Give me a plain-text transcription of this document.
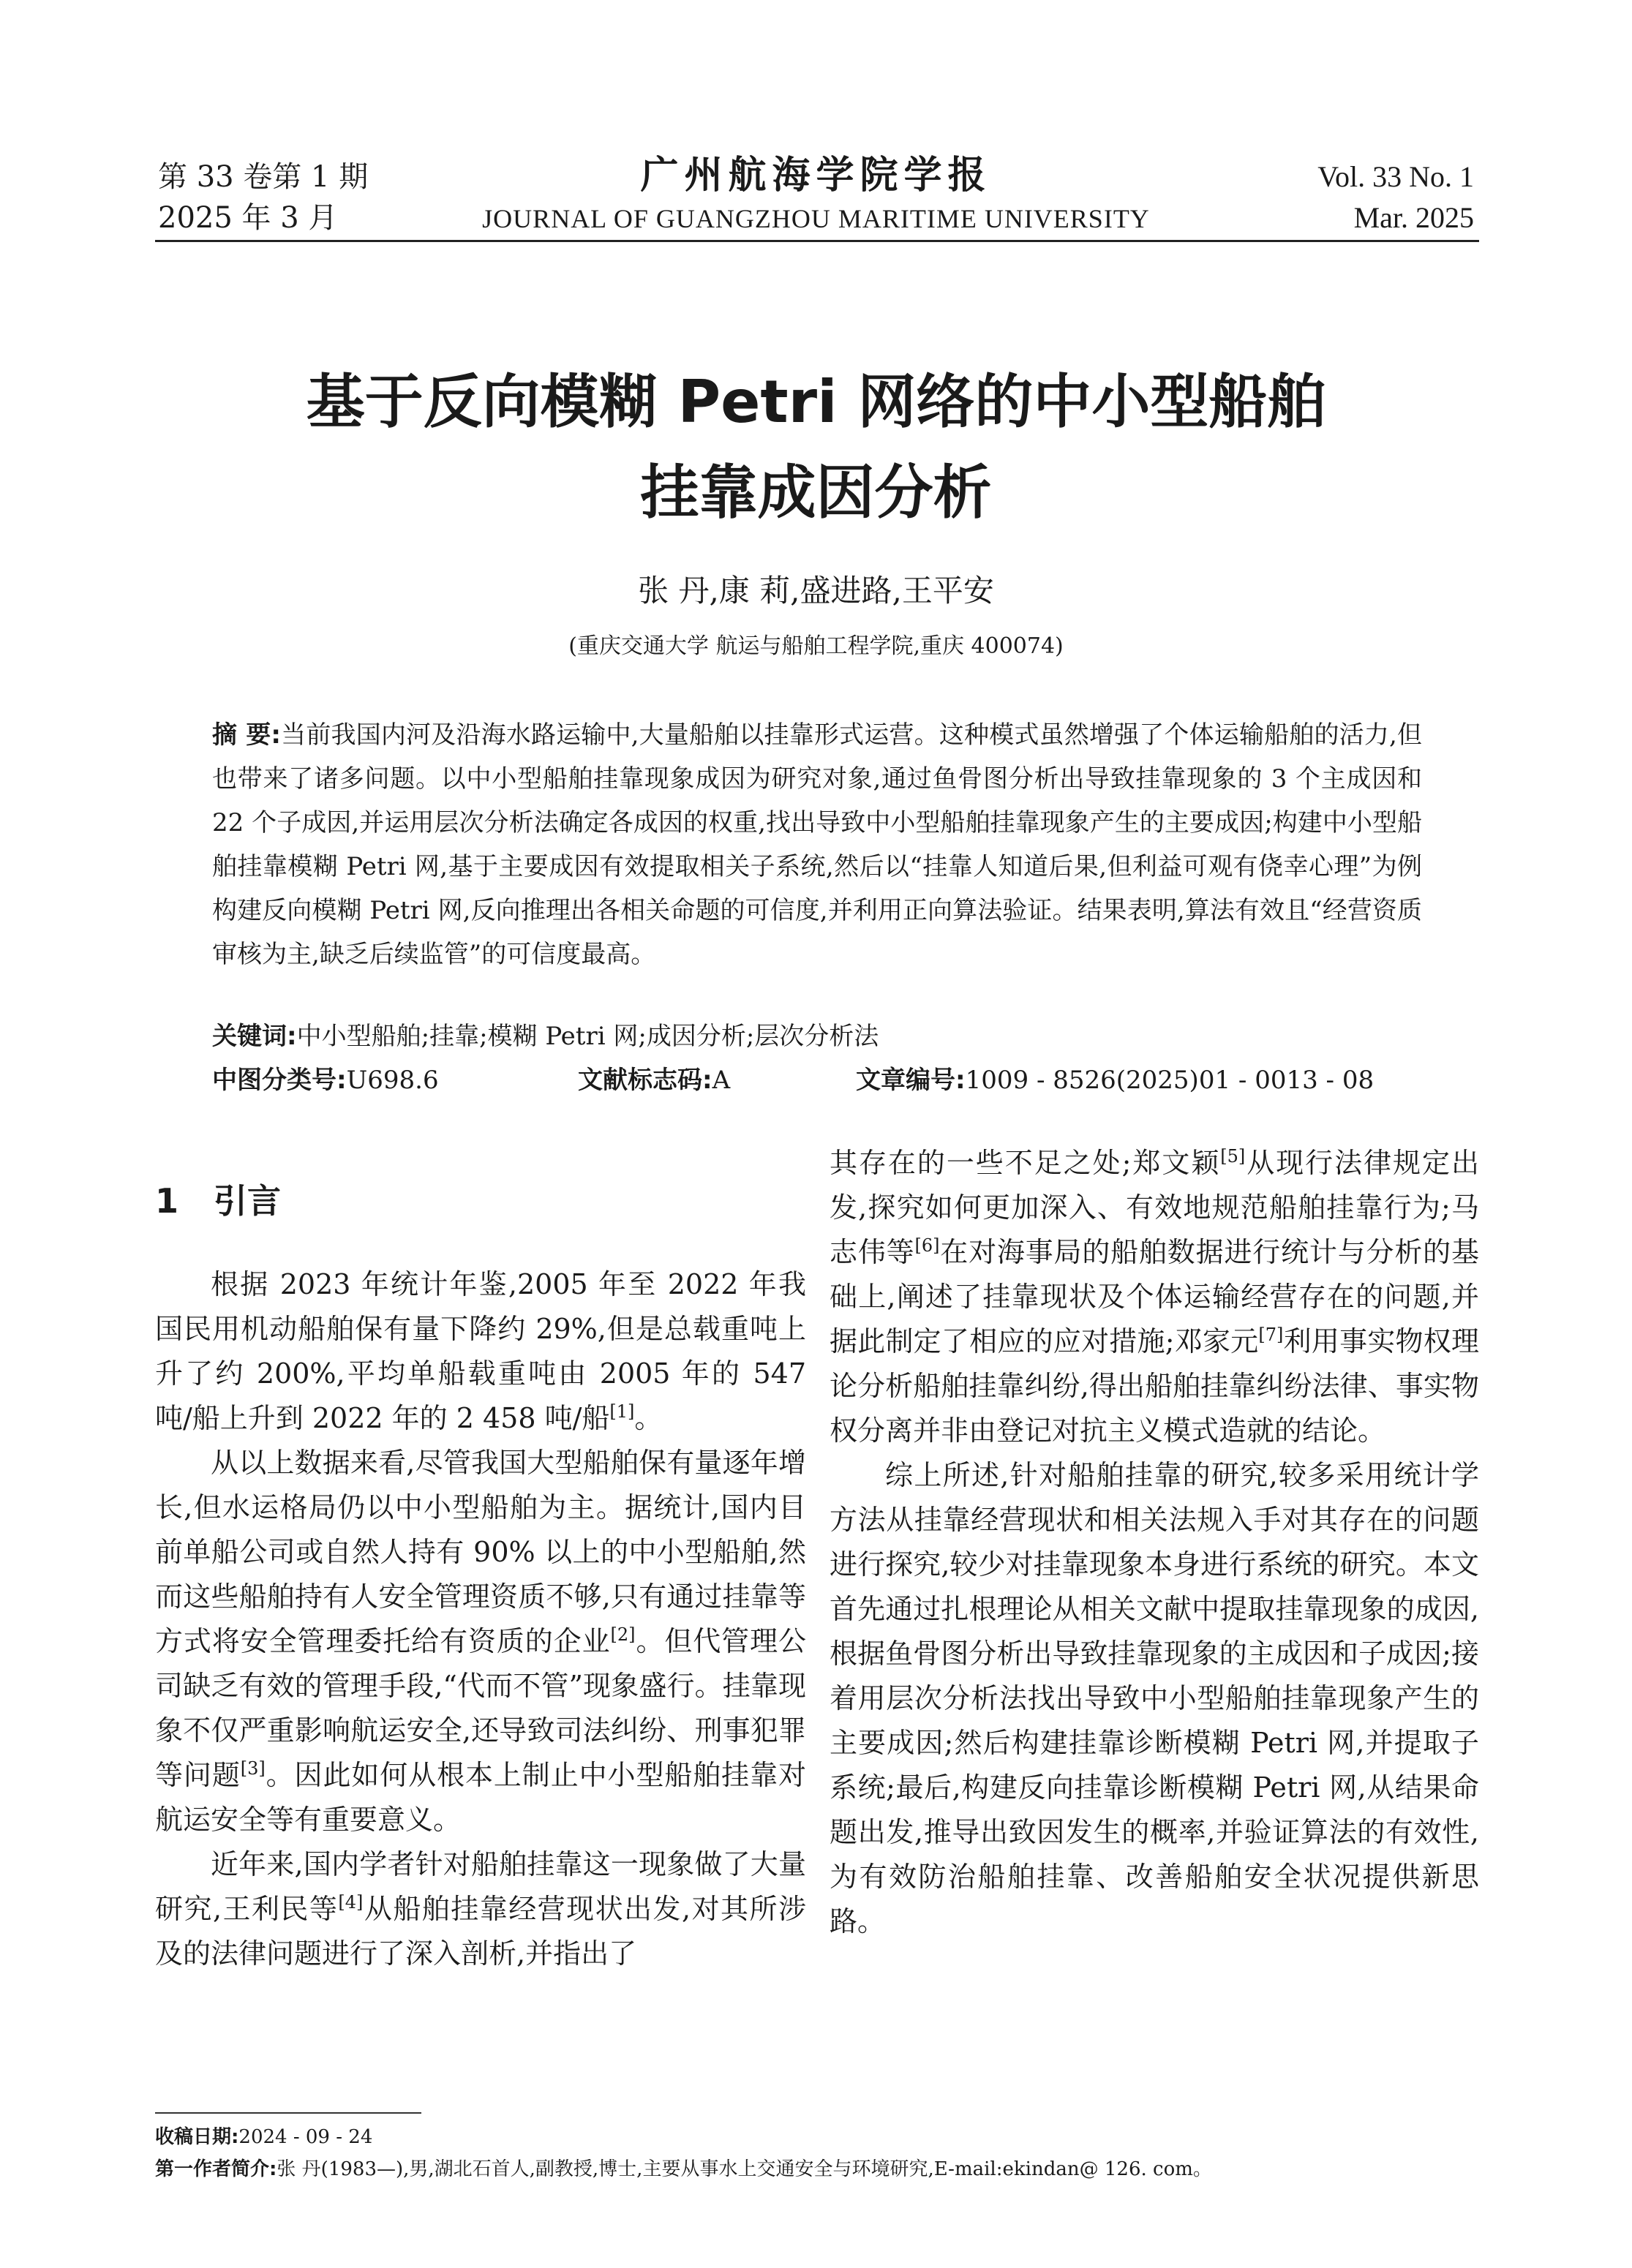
第 33 卷第 1 期
2025 年 3 月
广州航海学院学报
JOURNAL OF GUANGZHOU MARITIME UNIVERSITY
Vol. 33 No. 1
Mar. 2025
基于反向模糊 Petri 网络的中小型船舶
挂靠成因分析
张 丹,康 莉,盛进路,王平安
(重庆交通大学 航运与船舶工程学院,重庆 400074)
摘 要:当前我国内河及沿海水路运输中,大量船舶以挂靠形式运营。这种模式虽然增强了个体运输船舶的活力,但也带来了诸多问题。以中小型船舶挂靠现象成因为研究对象,通过鱼骨图分析出导致挂靠现象的 3 个主成因和 22 个子成因,并运用层次分析法确定各成因的权重,找出导致中小型船舶挂靠现象产生的主要成因;构建中小型船舶挂靠模糊 Petri 网,基于主要成因有效提取相关子系统,然后以“挂靠人知道后果,但利益可观有侥幸心理”为例构建反向模糊 Petri 网,反向推理出各相关命题的可信度,并利用正向算法验证。结果表明,算法有效且“经营资质审核为主,缺乏后续监管”的可信度最高。
关键词:中小型船舶;挂靠;模糊 Petri 网;成因分析;层次分析法
中图分类号:U698.6	文献标志码:A	文章编号:1009 - 8526(2025)01 - 0013 - 08
1 引言

根据 2023 年统计年鉴,2005 年至 2022 年我国民用机动船舶保有量下降约 29%,但是总载重吨上升了约 200%,平均单船载重吨由 2005 年的 547 吨/船上升到 2022 年的 2 458 吨/船[1]。

从以上数据来看,尽管我国大型船舶保有量逐年增长,但水运格局仍以中小型船舶为主。据统计,国内目前单船公司或自然人持有 90% 以上的中小型船舶,然而这些船舶持有人安全管理资质不够,只有通过挂靠等方式将安全管理委托给有资质的企业[2]。但代管理公司缺乏有效的管理手段,“代而不管”现象盛行。挂靠现象不仅严重影响航运安全,还导致司法纠纷、刑事犯罪等问题[3]。因此如何从根本上制止中小型船舶挂靠对航运安全等有重要意义。

近年来,国内学者针对船舶挂靠这一现象做了大量研究,王利民等[4]从船舶挂靠经营现状出发,对其所涉及的法律问题进行了深入剖析,并指出了

其存在的一些不足之处;郑文颖[5]从现行法律规定出发,探究如何更加深入、有效地规范船舶挂靠行为;马志伟等[6]在对海事局的船舶数据进行统计与分析的基础上,阐述了挂靠现状及个体运输经营存在的问题,并据此制定了相应的应对措施;邓家元[7]利用事实物权理论分析船舶挂靠纠纷,得出船舶挂靠纠纷法律、事实物权分离并非由登记对抗主义模式造就的结论。

综上所述,针对船舶挂靠的研究,较多采用统计学方法从挂靠经营现状和相关法规入手对其存在的问题进行探究,较少对挂靠现象本身进行系统的研究。本文首先通过扎根理论从相关文献中提取挂靠现象的成因,根据鱼骨图分析出导致挂靠现象的主成因和子成因;接着用层次分析法找出导致中小型船舶挂靠现象产生的主要成因;然后构建挂靠诊断模糊 Petri 网,并提取子系统;最后,构建反向挂靠诊断模糊 Petri 网,从结果命题出发,推导出致因发生的概率,并验证算法的有效性,为有效防治船舶挂靠、改善船舶安全状况提供新思路。

收稿日期:2024 - 09 - 24
第一作者简介:张 丹(1983—),男,湖北石首人,副教授,博士,主要从事水上交通安全与环境研究,E-mail:ekindan@ 126. com。
